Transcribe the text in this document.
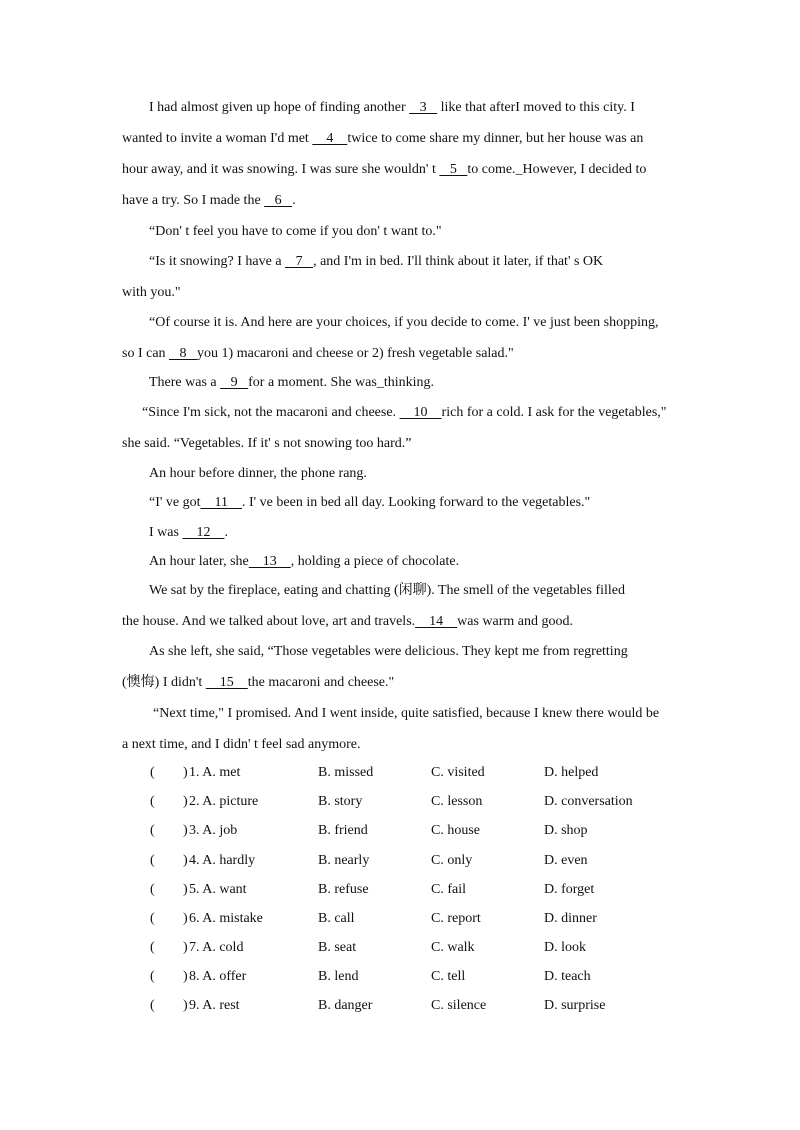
I had almost given up hope of finding another    3    like that afterI moved to this city. I
wanted to invite a woman I'd met     4    twice to come share my dinner, but her house was an
hour away, and it was snowing. I was sure she wouldn' t    5   to come._However, I decided to
have a try. So I made the    6   .
“Don' t feel you have to come if you don' t want to."
“Is it snowing? I have a    7   , and I'm in bed. I'll think about it later, if that' s OK
with you."
“Of course it is. And here are your choices, if you decide to come. I' ve just been shopping,
so I can    8   you 1) macaroni and cheese or 2) fresh vegetable salad."
There was a    9   for a moment. She was_thinking.
“Since I'm sick, not the macaroni and cheese.     10    rich for a cold. I ask for the vegetables,"
she said. “Vegetables. If it' s not snowing too hard.”
An hour before dinner, the phone rang.
“I' ve got    11    . I' ve been in bed all day. Looking forward to the vegetables."
I was     12    .
An hour later, she    13    , holding a piece of chocolate.
We sat by the fireplace, eating and chatting (闲聊). The smell of the vegetables filled
the house. And we talked about love, art and travels.    14    was warm and good.
As she left, she said, “Those vegetables were delicious. They kept me from regretting
(懊悔) I didn't     15    the macaroni and cheese."
“Next time," I promised. And I went inside, quite satisfied, because I knew there would be
a next time, and I didn' t feel sad anymore.
( ) 1. A. met	B. missed	C. visited	D. helped
( ) 2. A. picture	B. story	C. lesson	D. conversation
( ) 3. A. job	B. friend	C. house	D. shop
( ) 4. A. hardly	B. nearly	C. only	D. even
( ) 5. A. want	B. refuse	C. fail	D. forget
( ) 6. A. mistake	B. call	C. report	D. dinner
( ) 7. A. cold	B. seat	C. walk	D. look
( ) 8. A. offer	B. lend	C. tell	D. teach
( ) 9. A. rest	B. danger	C. silence	D. surprise
